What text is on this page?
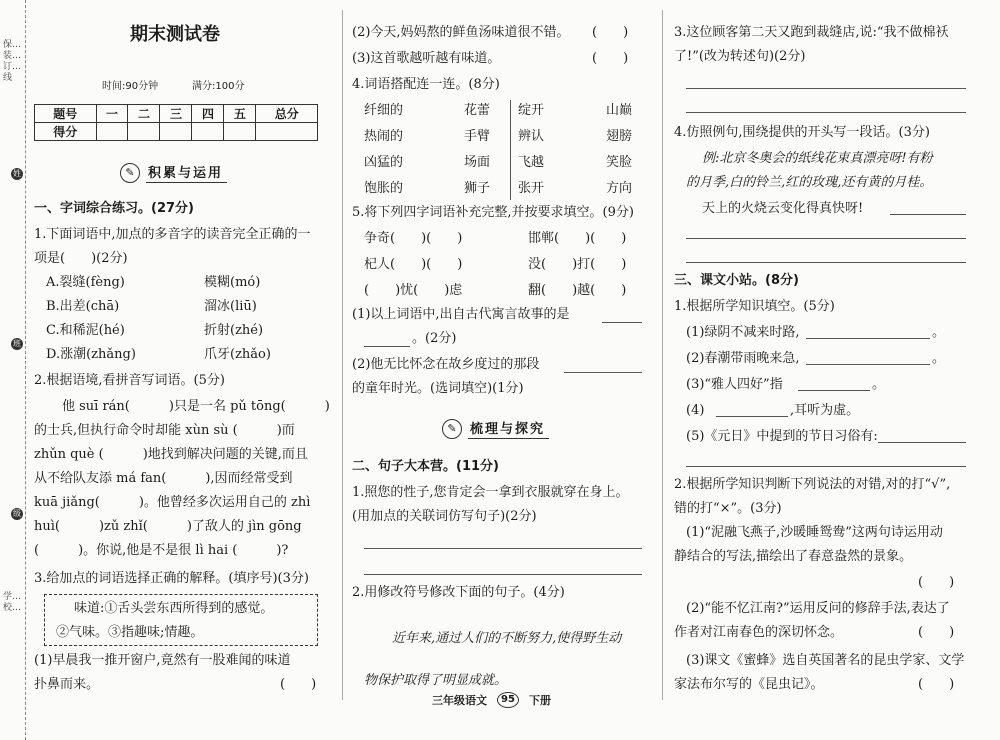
保…装…订…线
姓
班
级
学…校…
期末测试卷
时间:90分钟	满分:100分
题号	一	二	三	四	五	总分
得分						
✎	积累与运用
一、字词综合练习。(27分)
1.下面词语中,加点的多音字的读音完全正确的一
项是(　　)(2分)
A.裂缝(fèng)	模糊(mó)
B.出差(chā)	溜冰(liū)
C.和稀泥(hé)	折射(zhé)
D.涨潮(zhǎng)	爪牙(zhǎo)
2.根据语境,看拼音写词语。(5分)
他 suī rán(　　　)只是一名 pǔ tōng(　　　)
的士兵,但执行命令时却能 xùn sù (　　　)而
zhǔn què (　　　)地找到解决问题的关键,而且
从不给队友添 má fan(　　　),因而经常受到
kuā jiǎng(　　　)。他曾经多次运用自己的 zhì
huì(　　　)zǔ zhǐ(　　　)了敌人的 jìn gōng
(　　　)。你说,他是不是很 lì hai (　　　)?
3.给加点的词语选择正确的解释。(填序号)(3分)
味道:①舌头尝东西所得到的感觉。
②气味。③指趣味;情趣。
(1)早晨我一推开窗户,竟然有一股难闻的味道
扑鼻而来。	(　　)
(2)今天,妈妈熬的鲜鱼汤味道很不错。 (　　)
(3)这首歌越听越有味道。	(　　)
4.词语搭配连一连。(8分)
纤细的	花蕾 绽开	山巅
热闹的	手臂 辨认	翅膀
凶猛的	场面 飞越	笑脸
饱胀的	狮子 张开	方向
5.将下列四字词语补充完整,并按要求填空。(9分)
争奇(　　)(　　)	邯郸(　　)(　　)
杞人(　　)(　　)	没(　　)打(　　)
(　　)忧(　　)虑	翻(　　)越(　　)
(1)以上词语中,出自古代寓言故事的是
。(2分)
(2)他无比怀念在故乡度过的那段
的童年时光。(选词填空)(1分)
✎	梳理与探究
二、句子大本营。(11分)
1.照您的性子,您肯定会一拿到衣服就穿在身上。
(用加点的关联词仿写句子)(2分)
2.用修改符号修改下面的句子。(4分)
近年来,通过人们的不断努力,使得野生动
物保护取得了明显成就。
3.这位顾客第二天又跑到裁缝店,说:“我不做棉袄
了!”(改为转述句)(2分)
4.仿照例句,围绕提供的开头写一段话。(3分)
例:北京冬奥会的纸线花束真漂亮呀!有粉
的月季,白的铃兰,红的玫瑰,还有黄的月桂。
天上的火烧云变化得真快呀!
三、课文小站。(8分)
1.根据所学知识填空。(5分)
(1)绿阴不减来时路,	。
(2)春潮带雨晚来急,	。
(3)“雅人四好”指	。
(4)	,耳听为虚。
(5)《元日》中提到的节日习俗有:
2.根据所学知识判断下列说法的对错,对的打“√”,
错的打“×”。(3分)
(1)“泥融飞燕子,沙暖睡鸳鸯”这两句诗运用动
静结合的写法,描绘出了春意盎然的景象。
(　　)
(2)“能不忆江南?”运用反问的修辞手法,表达了
作者对江南春色的深切怀念。	(　　)
(3)课文《蜜蜂》选自英国著名的昆虫学家、文学
家法布尔写的《昆虫记》。	(　　)
三年级语文	95	下册
